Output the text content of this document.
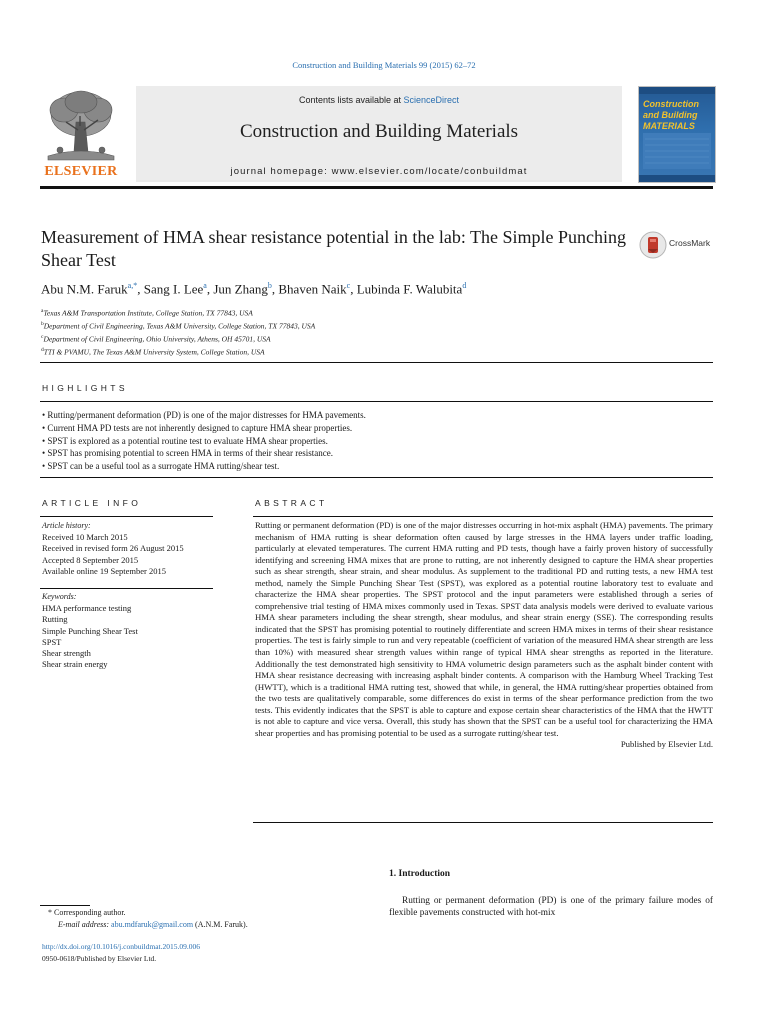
Construction and Building Materials 99 (2015) 62–72
ELSEVIER
Contents lists available at ScienceDirect
Construction and Building Materials
journal homepage: www.elsevier.com/locate/conbuildmat
Construction and Building MATERIALS
Measurement of HMA shear resistance potential in the lab: The Simple Punching Shear Test
CrossMark
Abu N.M. Faruk$^{a,*}$, Sang I. Lee$^a$, Jun Zhang$^b$, Bhaven Naik$^c$, Lubinda F. Walubita$^d$
$^a$Texas A&M Transportation Institute, College Station, TX 77843, USA
$^b$Department of Civil Engineering, Texas A&M University, College Station, TX 77843, USA
$^c$Department of Civil Engineering, Ohio University, Athens, OH 45701, USA
$^d$TTI & PVAMU, The Texas A&M University System, College Station, USA
HIGHLIGHTS
• Rutting/permanent deformation (PD) is one of the major distresses for HMA pavements.
• Current HMA PD tests are not inherently designed to capture HMA shear properties.
• SPST is explored as a potential routine test to evaluate HMA shear properties.
• SPST has promising potential to screen HMA in terms of their shear resistance.
• SPST can be a useful tool as a surrogate HMA rutting/shear test.
ARTICLE INFO
Article history:
Received 10 March 2015
Received in revised form 26 August 2015
Accepted 8 September 2015
Available online 19 September 2015
Keywords:
HMA performance testing
Rutting
Simple Punching Shear Test
SPST
Shear strength
Shear strain energy
ABSTRACT
Rutting or permanent deformation (PD) is one of the major distresses occurring in hot-mix asphalt (HMA) pavements. The primary mechanism of HMA rutting is shear deformation often caused by large stresses in the HMA layers under traffic loading, particularly at elevated temperatures. The current HMA rutting and PD tests, though have a fairly proven history of successfully identifying and screening HMA mixes that are prone to rutting, are not inherently designed to capture the HMA shear properties such as shear strength, shear strain, and shear modulus. As supplement to the traditional PD and rutting tests, a new HMA test method, namely the Simple Punching Shear Test (SPST), was explored as a potential routine laboratory test to evaluate and characterize the HMA shear properties. The SPST protocol and the input parameters were established through a series of comprehensive trial testing of HMA mixes commonly used in Texas. SPST data analysis models were derived to evaluate various HMA shear parameters including the shear strength, shear modulus, and shear strain energy (SSE). The corresponding results indicated that the SPST has promising potential to routinely differentiate and screen HMA mixes in terms of their shear resistance properties. The test is fairly simple to run and very repeatable (coefficient of variation of the measured HMA shear strength are less than 10%) with measured shear strength values within range of typical HMA shear strengths as reported in the literature. Additionally the test demonstrated high sensitivity to HMA volumetric design parameters such as the asphalt binder content with HMA shear resistance decreasing with increasing asphalt binder contents. A comparison with the Hamburg Wheel Tracking Test (HWTT), which is a traditional HMA rutting test, showed that while, in general, the HMA rutting/shear properties obtained from the two tests are qualitatively comparable, some differences do exist in terms of the shear performance prediction from the two tests. This evidently indicates that the SPST is able to capture and expose certain shear characteristics of the HMA that the HWTT is not able to capture and vice versa. Overall, this study has shown that the SPST can be a useful tool for characterizing the HMA shear properties and has promising potential to be used as a surrogate rutting/shear test.
Published by Elsevier Ltd.
1. Introduction
Rutting or permanent deformation (PD) is one of the primary failure modes of flexible pavements constructed with hot-mix
* Corresponding author.
E-mail address: abu.mdfaruk@gmail.com (A.N.M. Faruk).
http://dx.doi.org/10.1016/j.conbuildmat.2015.09.006
0950-0618/Published by Elsevier Ltd.
